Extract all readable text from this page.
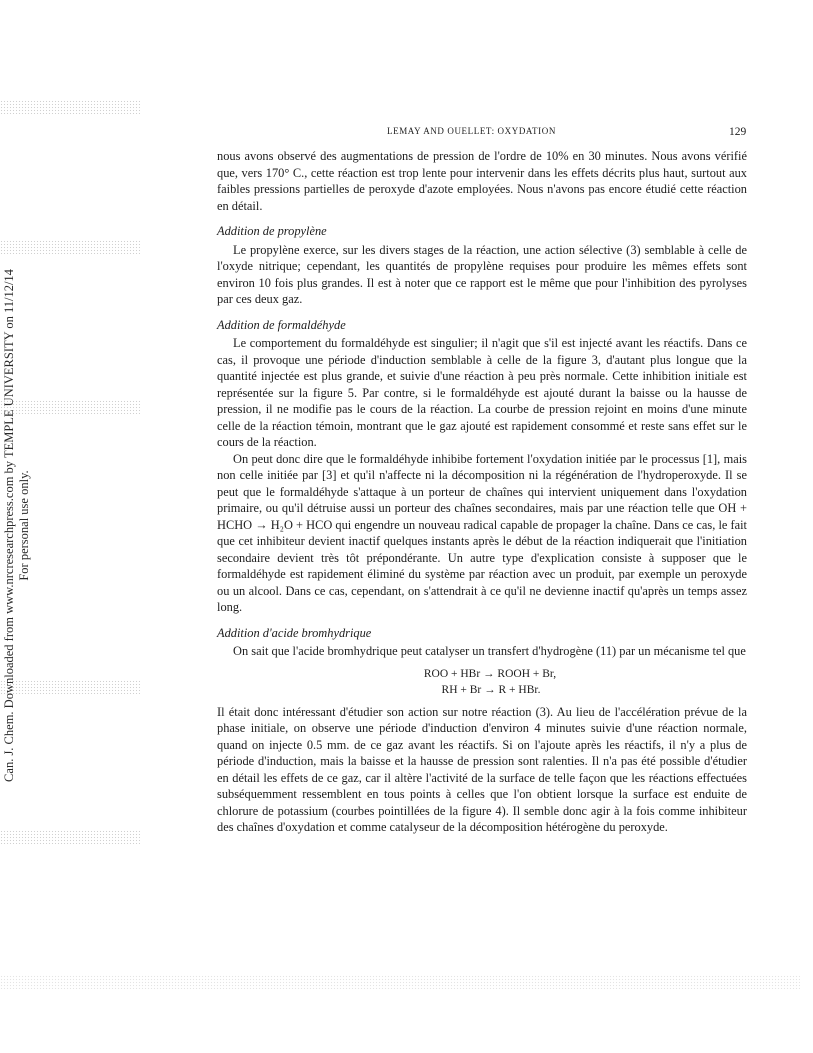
Can. J. Chem. Downloaded from www.nrcresearchpress.com by TEMPLE UNIVERSITY on 11/12/14 For personal use only.
LEMAY AND OUELLET: OXYDATION	129

nous avons observé des augmentations de pression de l'ordre de 10% en 30 minutes. Nous avons vérifié que, vers 170° C., cette réaction est trop lente pour intervenir dans les effets décrits plus haut, surtout aux faibles pressions partielles de peroxyde d'azote employées. Nous n'avons pas encore étudié cette réaction en détail.

Addition de propylène

Le propylène exerce, sur les divers stages de la réaction, une action sélective (3) semblable à celle de l'oxyde nitrique; cependant, les quantités de propylène requises pour produire les mêmes effets sont environ 10 fois plus grandes. Il est à noter que ce rapport est le même que pour l'inhibition des pyrolyses par ces deux gaz.

Addition de formaldéhyde

Le comportement du formaldéhyde est singulier; il n'agit que s'il est injecté avant les réactifs. Dans ce cas, il provoque une période d'induction semblable à celle de la figure 3, d'autant plus longue que la quantité injectée est plus grande, et suivie d'une réaction à peu près normale. Cette inhibition initiale est représentée sur la figure 5. Par contre, si le formaldéhyde est ajouté durant la baisse ou la hausse de pression, il ne modifie pas le cours de la réaction. La courbe de pression rejoint en moins d'une minute celle de la réaction témoin, montrant que le gaz ajouté est rapidement consommé et reste sans effet sur le cours de la réaction.

On peut donc dire que le formaldéhyde inhibibe fortement l'oxydation initiée par le processus [1], mais non celle initiée par [3] et qu'il n'affecte ni la décomposition ni la régénération de l'hydroperoxyde. Il se peut que le formaldéhyde s'attaque à un porteur de chaînes qui intervient uniquement dans l'oxydation primaire, ou qu'il détruise aussi un porteur des chaînes secondaires, mais par une réaction telle que OH + HCHO → H₂O + HCO qui engendre un nouveau radical capable de propager la chaîne. Dans ce cas, le fait que cet inhibiteur devient inactif quelques instants après le début de la réaction indiquerait que l'initiation secondaire devient très tôt prépondérante. Un autre type d'explication consiste à supposer que le formaldéhyde est rapidement éliminé du système par réaction avec un produit, par exemple un peroxyde ou un alcool. Dans ce cas, cependant, on s'attendrait à ce qu'il ne devienne inactif qu'après un temps assez long.

Addition d'acide bromhydrique

On sait que l'acide bromhydrique peut catalyser un transfert d'hydrogène (11) par un mécanisme tel que

ROO + HBr → ROOH + Br,
RH + Br → R + HBr.

Il était donc intéressant d'étudier son action sur notre réaction (3). Au lieu de l'accélération prévue de la phase initiale, on observe une période d'induction d'environ 4 minutes suivie d'une réaction normale, quand on injecte 0.5 mm. de ce gaz avant les réactifs. Si on l'ajoute après les réactifs, il n'y a plus de période d'induction, mais la baisse et la hausse de pression sont ralenties. Il n'a pas été possible d'étudier en détail les effets de ce gaz, car il altère l'activité de la surface de telle façon que les réactions effectuées subséquemment ressemblent en tous points à celles que l'on obtient lorsque la surface est enduite de chlorure de potassium (courbes pointillées de la figure 4). Il semble donc agir à la fois comme inhibiteur des chaînes d'oxydation et comme catalyseur de la décomposition hétérogène du peroxyde.
